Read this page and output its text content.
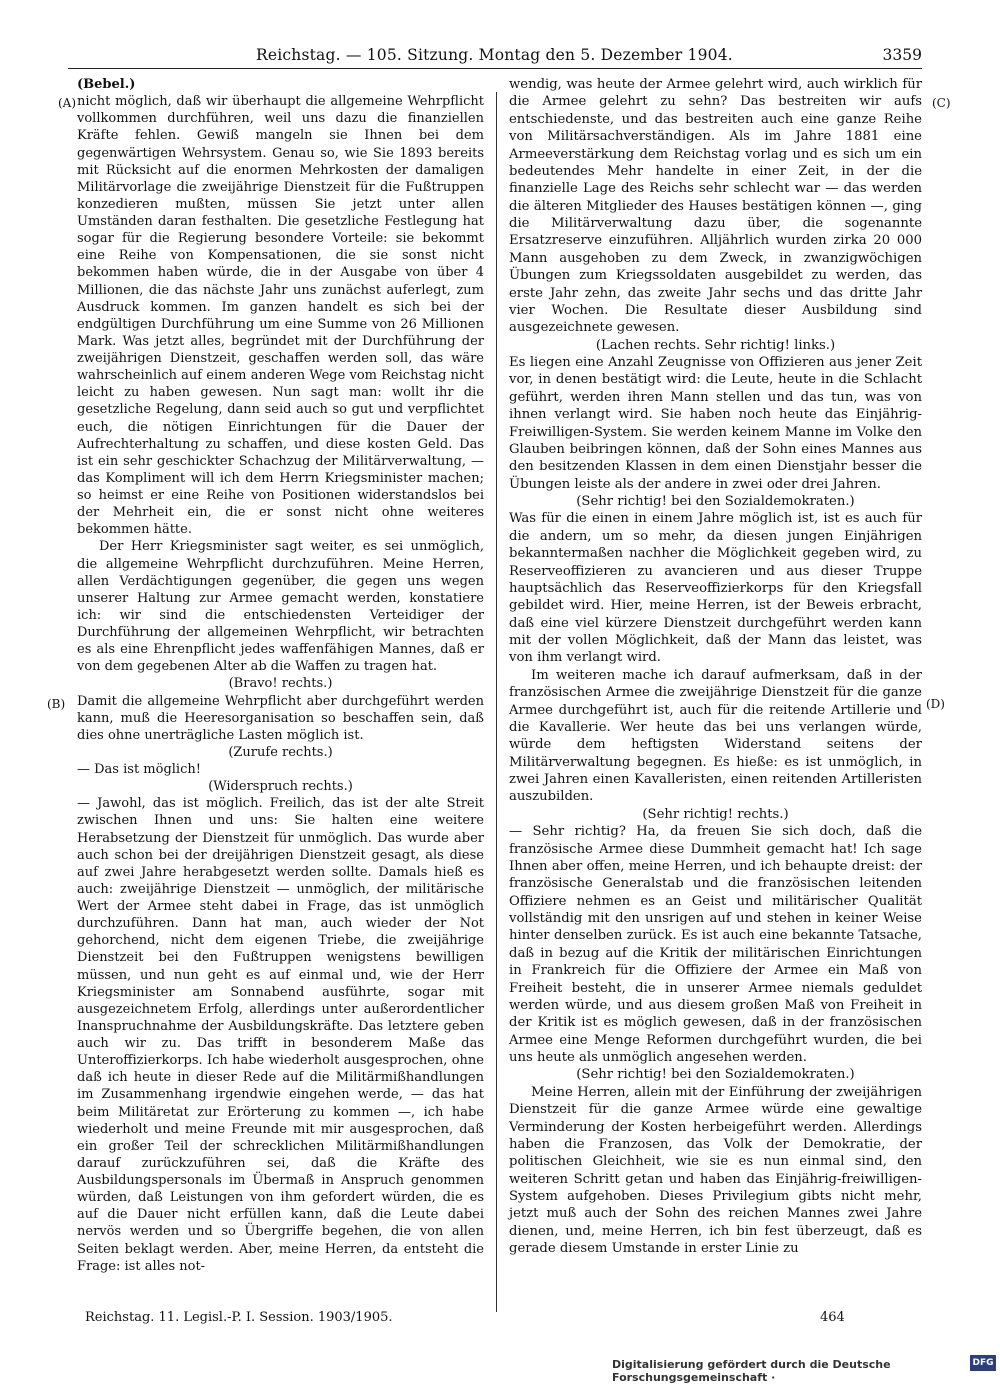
Reichstag. — 105. Sitzung. Montag den 5. Dezember 1904.	3359
(A)
(B)
(C)
(D)

(Bebel.)

nicht möglich, daß wir überhaupt die allgemeine Wehrpflicht vollkommen durchführen, weil uns dazu die finanziellen Kräfte fehlen. Gewiß mangeln sie Ihnen bei dem gegenwärtigen Wehrsystem. Genau so, wie Sie 1893 bereits mit Rücksicht auf die enormen Mehrkosten der damaligen Militärvorlage die zweijährige Dienstzeit für die Fußtruppen konzedieren mußten, müssen Sie jetzt unter allen Umständen daran festhalten. Die gesetzliche Festlegung hat sogar für die Regierung besondere Vorteile: sie bekommt eine Reihe von Kompensationen, die sie sonst nicht bekommen haben würde, die in der Ausgabe von über 4 Millionen, die das nächste Jahr uns zunächst auferlegt, zum Ausdruck kommen. Im ganzen handelt es sich bei der endgültigen Durchführung um eine Summe von 26 Millionen Mark. Was jetzt alles, begründet mit der Durchführung der zweijährigen Dienstzeit, geschaffen werden soll, das wäre wahrscheinlich auf einem anderen Wege vom Reichstag nicht leicht zu haben gewesen. Nun sagt man: wollt ihr die gesetzliche Regelung, dann seid auch so gut und verpflichtet euch, die nötigen Einrichtungen für die Dauer der Aufrechterhaltung zu schaffen, und diese kosten Geld. Das ist ein sehr geschickter Schachzug der Militärverwaltung, — das Kompliment will ich dem Herrn Kriegsminister machen; so heimst er eine Reihe von Positionen widerstandslos bei der Mehrheit ein, die er sonst nicht ohne weiteres bekommen hätte.

Der Herr Kriegsminister sagt weiter, es sei unmöglich, die allgemeine Wehrpflicht durchzuführen. Meine Herren, allen Verdächtigungen gegenüber, die gegen uns wegen unserer Haltung zur Armee gemacht werden, konstatiere ich: wir sind die entschiedensten Verteidiger der Durchführung der allgemeinen Wehrpflicht, wir betrachten es als eine Ehrenpflicht jedes waffenfähigen Mannes, daß er von dem gegebenen Alter ab die Waffen zu tragen hat.

(Bravo! rechts.)

Damit die allgemeine Wehrpflicht aber durchgeführt werden kann, muß die Heeresorganisation so beschaffen sein, daß dies ohne unerträgliche Lasten möglich ist.

(Zurufe rechts.)

— Das ist möglich!

(Widerspruch rechts.)

— Jawohl, das ist möglich. Freilich, das ist der alte Streit zwischen Ihnen und uns: Sie halten eine weitere Herabsetzung der Dienstzeit für unmöglich. Das wurde aber auch schon bei der dreijährigen Dienstzeit gesagt, als diese auf zwei Jahre herabgesetzt werden sollte. Damals hieß es auch: zweijährige Dienstzeit — unmöglich, der militärische Wert der Armee steht dabei in Frage, das ist unmöglich durchzuführen. Dann hat man, auch wieder der Not gehorchend, nicht dem eigenen Triebe, die zweijährige Dienstzeit bei den Fußtruppen wenigstens bewilligen müssen, und nun geht es auf einmal und, wie der Herr Kriegsminister am Sonnabend ausführte, sogar mit ausgezeichnetem Erfolg, allerdings unter außerordentlicher Inanspruchnahme der Ausbildungskräfte. Das letztere geben auch wir zu. Das trifft in besonderem Maße das Unteroffizierkorps. Ich habe wiederholt ausgesprochen, ohne daß ich heute in dieser Rede auf die Militärmißhandlungen im Zusammenhang irgendwie eingehen werde, — das hat beim Militäretat zur Erörterung zu kommen —, ich habe wiederholt und meine Freunde mit mir ausgesprochen, daß ein großer Teil der schrecklichen Militärmißhandlungen darauf zurückzuführen sei, daß die Kräfte des Ausbildungspersonals im Übermaß in Anspruch genommen würden, daß Leistungen von ihm gefordert würden, die es auf die Dauer nicht erfüllen kann, daß die Leute dabei nervös werden und so Übergriffe begehen, die von allen Seiten beklagt werden. Aber, meine Herren, da entsteht die Frage: ist alles not-

wendig, was heute der Armee gelehrt wird, auch wirklich für die Armee gelehrt zu sehn? Das bestreiten wir aufs entschiedenste, und das bestreiten auch eine ganze Reihe von Militärsachverständigen. Als im Jahre 1881 eine Armeeverstärkung dem Reichstag vorlag und es sich um ein bedeutendes Mehr handelte in einer Zeit, in der die finanzielle Lage des Reichs sehr schlecht war — das werden die älteren Mitglieder des Hauses bestätigen können —, ging die Militärverwaltung dazu über, die sogenannte Ersatzreserve einzuführen. Alljährlich wurden zirka 20 000 Mann ausgehoben zu dem Zweck, in zwanzigwöchigen Übungen zum Kriegssoldaten ausgebildet zu werden, das erste Jahr zehn, das zweite Jahr sechs und das dritte Jahr vier Wochen. Die Resultate dieser Ausbildung sind ausgezeichnete gewesen.

(Lachen rechts. Sehr richtig! links.)

Es liegen eine Anzahl Zeugnisse von Offizieren aus jener Zeit vor, in denen bestätigt wird: die Leute, heute in die Schlacht geführt, werden ihren Mann stellen und das tun, was von ihnen verlangt wird. Sie haben noch heute das Einjährig-Freiwilligen-System. Sie werden keinem Manne im Volke den Glauben beibringen können, daß der Sohn eines Mannes aus den besitzenden Klassen in dem einen Dienstjahr besser die Übungen leiste als der andere in zwei oder drei Jahren.

(Sehr richtig! bei den Sozialdemokraten.)

Was für die einen in einem Jahre möglich ist, ist es auch für die andern, um so mehr, da diesen jungen Einjährigen bekanntermaßen nachher die Möglichkeit gegeben wird, zu Reserveoffizieren zu avancieren und aus dieser Truppe hauptsächlich das Reserveoffizierkorps für den Kriegsfall gebildet wird. Hier, meine Herren, ist der Beweis erbracht, daß eine viel kürzere Dienstzeit durchgeführt werden kann mit der vollen Möglichkeit, daß der Mann das leistet, was von ihm verlangt wird.

Im weiteren mache ich darauf aufmerksam, daß in der französischen Armee die zweijährige Dienstzeit für die ganze Armee durchgeführt ist, auch für die reitende Artillerie und die Kavallerie. Wer heute das bei uns verlangen würde, würde dem heftigsten Widerstand seitens der Militärverwaltung begegnen. Es hieße: es ist unmöglich, in zwei Jahren einen Kavalleristen, einen reitenden Artilleristen auszubilden.

(Sehr richtig! rechts.)

— Sehr richtig? Ha, da freuen Sie sich doch, daß die französische Armee diese Dummheit gemacht hat! Ich sage Ihnen aber offen, meine Herren, und ich behaupte dreist: der französische Generalstab und die französischen leitenden Offiziere nehmen es an Geist und militärischer Qualität vollständig mit den unsrigen auf und stehen in keiner Weise hinter denselben zurück. Es ist auch eine bekannte Tatsache, daß in bezug auf die Kritik der militärischen Einrichtungen in Frankreich für die Offiziere der Armee ein Maß von Freiheit besteht, die in unserer Armee niemals geduldet werden würde, und aus diesem großen Maß von Freiheit in der Kritik ist es möglich gewesen, daß in der französischen Armee eine Menge Reformen durchgeführt wurden, die bei uns heute als unmöglich angesehen werden.

(Sehr richtig! bei den Sozialdemokraten.)

Meine Herren, allein mit der Einführung der zweijährigen Dienstzeit für die ganze Armee würde eine gewaltige Verminderung der Kosten herbeigeführt werden. Allerdings haben die Franzosen, das Volk der Demokratie, der politischen Gleichheit, wie sie es nun einmal sind, den weiteren Schritt getan und haben das Einjährig-freiwilligen-System aufgehoben. Dieses Privilegium gibts nicht mehr, jetzt muß auch der Sohn des reichen Mannes zwei Jahre dienen, und, meine Herren, ich bin fest überzeugt, daß es gerade diesem Umstande in erster Linie zu

Reichstag. 11. Legisl.-P. I. Session. 1903/1905.	464
Digitalisierung gefördert durch die Deutsche Forschungsgemeinschaft ·
DFG
